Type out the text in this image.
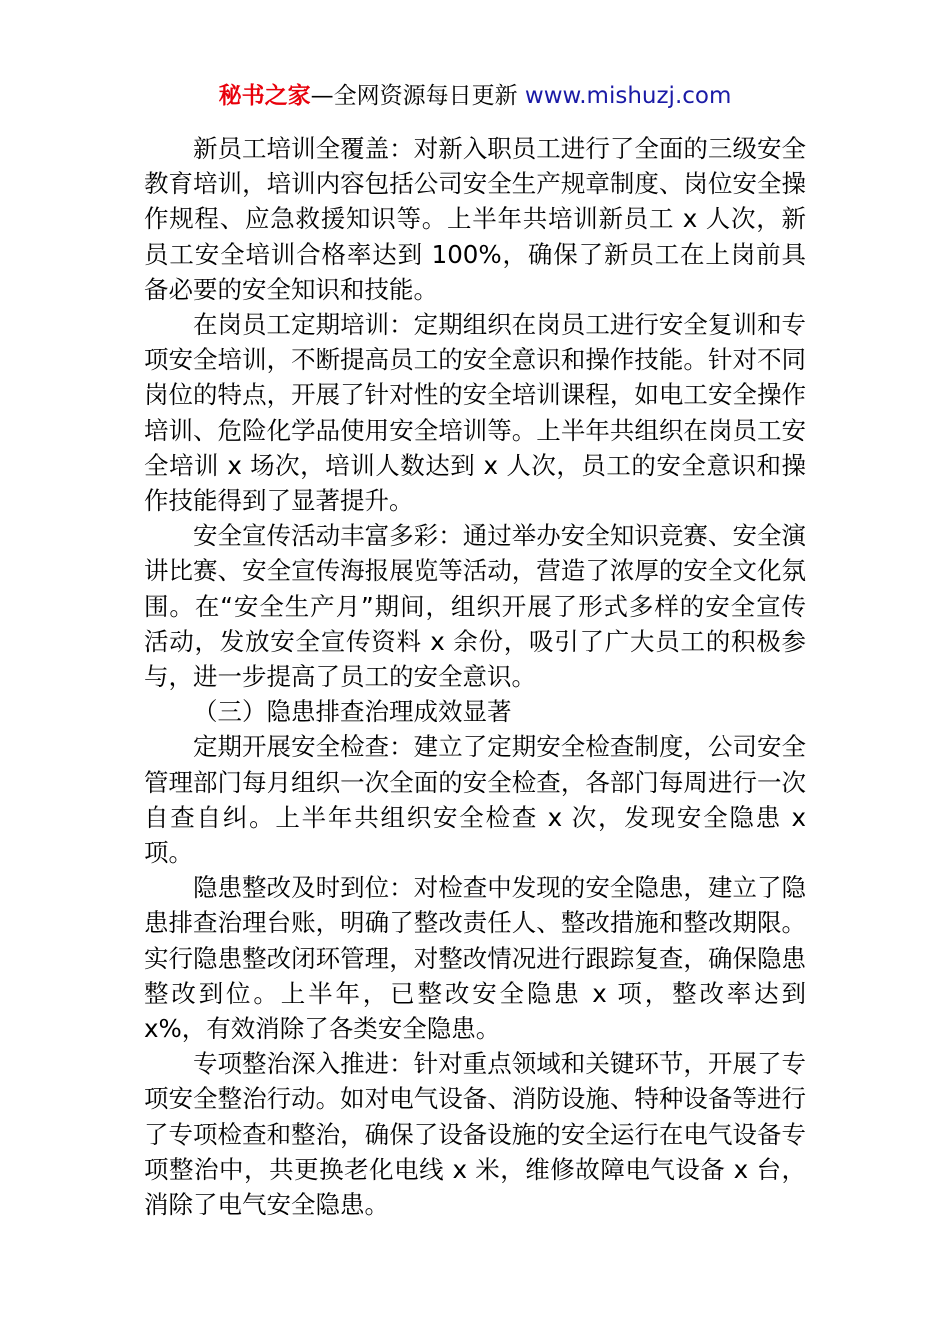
秘书之家—全网资源每日更新 www.mishuzj.com

新员工培训全覆盖：对新入职员工进行了全面的三级安全教育培训，培训内容包括公司安全生产规章制度、岗位安全操作规程、应急救援知识等。上半年共培训新员工 x 人次，新员工安全培训合格率达到 100%，确保了新员工在上岗前具备必要的安全知识和技能。

在岗员工定期培训：定期组织在岗员工进行安全复训和专项安全培训，不断提高员工的安全意识和操作技能。针对不同岗位的特点，开展了针对性的安全培训课程，如电工安全操作培训、危险化学品使用安全培训等。上半年共组织在岗员工安全培训 x 场次，培训人数达到 x 人次，员工的安全意识和操作技能得到了显著提升。

安全宣传活动丰富多彩：通过举办安全知识竞赛、安全演讲比赛、安全宣传海报展览等活动，营造了浓厚的安全文化氛围。在“安全生产月”期间，组织开展了形式多样的安全宣传活动，发放安全宣传资料 x 余份，吸引了广大员工的积极参与，进一步提高了员工的安全意识。

（三）隐患排查治理成效显著

定期开展安全检查：建立了定期安全检查制度，公司安全管理部门每月组织一次全面的安全检查，各部门每周进行一次自查自纠。上半年共组织安全检查 x 次，发现安全隐患 x 项。

隐患整改及时到位：对检查中发现的安全隐患，建立了隐患排查治理台账，明确了整改责任人、整改措施和整改期限。实行隐患整改闭环管理，对整改情况进行跟踪复查，确保隐患整改到位。上半年，已整改安全隐患 x 项，整改率达到 x%，有效消除了各类安全隐患。

专项整治深入推进：针对重点领域和关键环节，开展了专项安全整治行动。如对电气设备、消防设施、特种设备等进行了专项检查和整治，确保了设备设施的安全运行在电气设备专项整治中，共更换老化电线 x 米，维修故障电气设备 x 台，消除了电气安全隐患。
